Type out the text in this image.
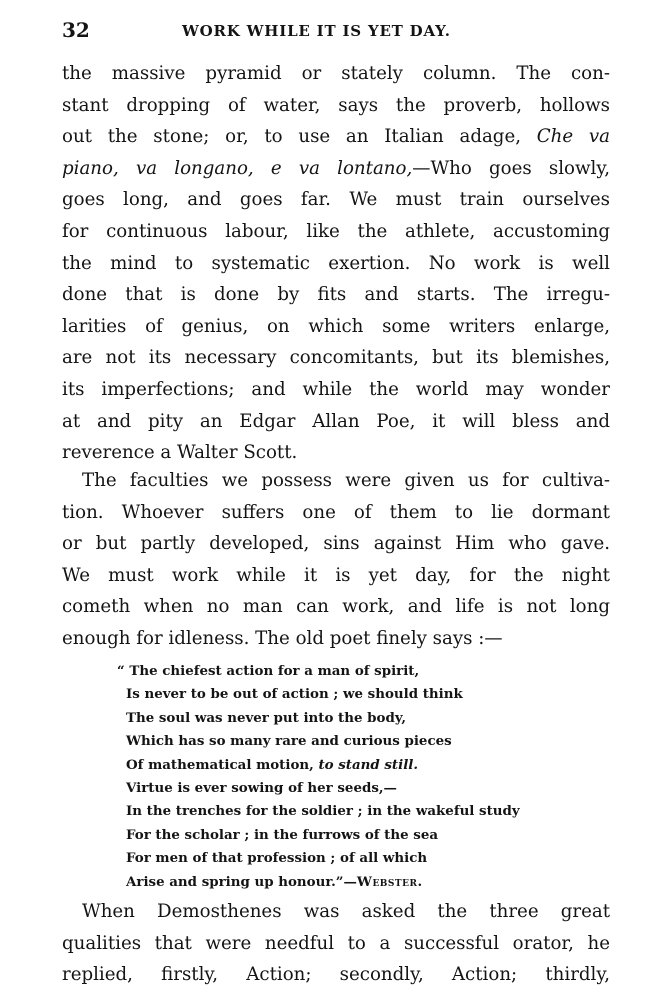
32	WORK WHILE IT IS YET DAY.
the massive pyramid or stately column. The con-
stant dropping of water, says the proverb, hollows
out the stone; or, to use an Italian adage, Che va
piano, va longano, e va lontano,—Who goes slowly,
goes long, and goes far. We must train ourselves
for continuous labour, like the athlete, accustoming
the mind to systematic exertion. No work is well
done that is done by fits and starts. The irregu-
larities of genius, on which some writers enlarge,
are not its necessary concomitants, but its blemishes,
its imperfections; and while the world may wonder
at and pity an Edgar Allan Poe, it will bless and
reverence a Walter Scott.
The faculties we possess were given us for cultiva-
tion. Whoever suffers one of them to lie dormant
or but partly developed, sins against Him who gave.
We must work while it is yet day, for the night
cometh when no man can work, and life is not long
enough for idleness. The old poet finely says :—
“ The chiefest action for a man of spirit,
Is never to be out of action ; we should think
The soul was never put into the body,
Which has so many rare and curious pieces
Of mathematical motion, to stand still.
Virtue is ever sowing of her seeds,—
In the trenches for the soldier ; in the wakeful study
For the scholar ; in the furrows of the sea
For men of that profession ; of all which
Arise and spring up honour.”—Webster.
When Demosthenes was asked the three great
qualities that were needful to a successful orator, he
replied, firstly, Action; secondly, Action; thirdly,
